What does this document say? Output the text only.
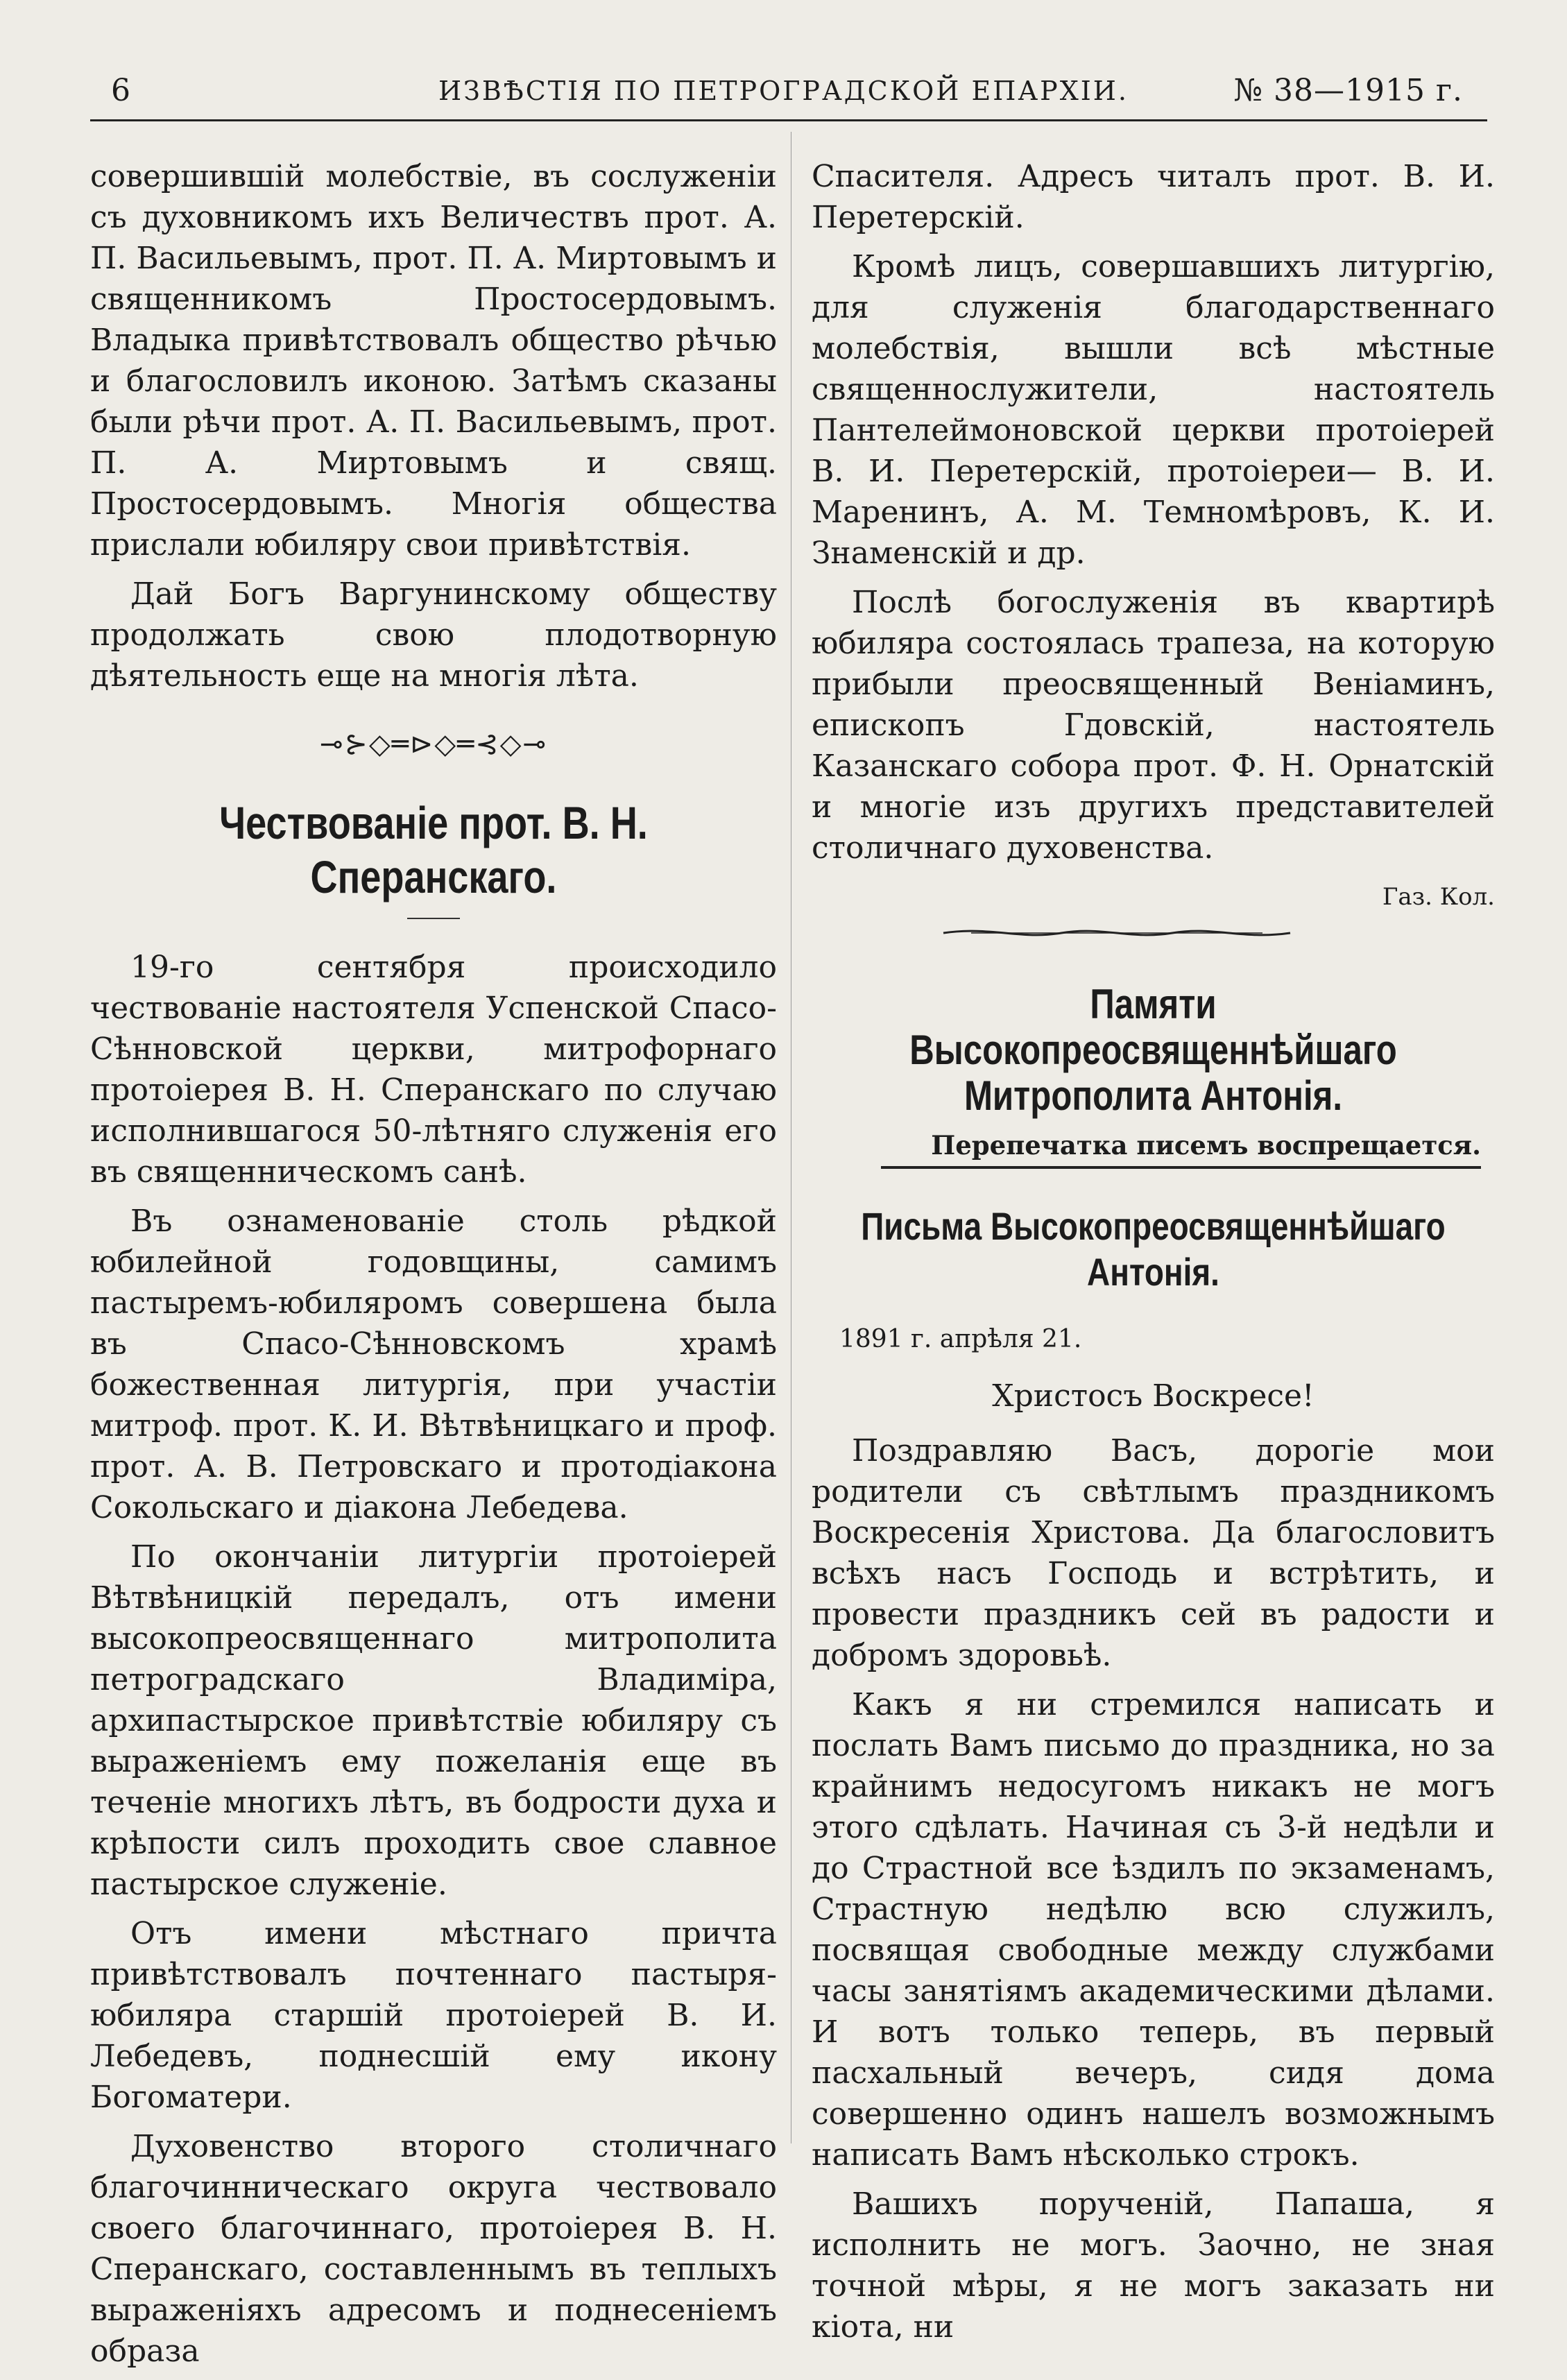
6	ИЗВѢСТІЯ ПО ПЕТРОГРАДСКОЙ ЕПАРХІИ.	№ 38—1915 г.

совершившій молебствіе, въ сослуженіи съ духовникомъ ихъ Величествъ прот. А. П. Васильевымъ, прот. П. А. Миртовымъ и священникомъ Простосердовымъ. Владыка привѣтствовалъ общество рѣчью и благословилъ иконою. Затѣмъ сказаны были рѣчи прот. А. П. Васильевымъ, прот. П. А. Миртовымъ и свящ. Простосердовымъ. Многія общества прислали юбиляру свои привѣтствія.

Дай Богъ Варгунинскому обществу продолжать свою плодотворную дѣятельность еще на многія лѣта.

⊸⊱◇═⊳◇═⊰◇⊸
Чествованіе прот. В. Н. Сперанскаго.

19-го сентября происходило чествованіе настоятеля Успенской Спасо-Сѣнновской церкви, митрофорнаго протоіерея В. Н. Сперанскаго по случаю исполнившагося 50-лѣтняго служенія его въ священническомъ санѣ.

Въ ознаменованіе столь рѣдкой юбилейной годовщины, самимъ пастыремъ-юбиляромъ совершена была въ Спасо-Сѣнновскомъ храмѣ божественная литургія, при участіи митроф. прот. К. И. Вѣтвѣницкаго и проф. прот. А. В. Петровскаго и протодіакона Сокольскаго и діакона Лебедева.

По окончаніи литургіи протоіерей Вѣтвѣницкій передалъ, отъ имени высокопреосвященнаго митрополита петроградскаго Владиміра, архипастырское привѣтствіе юбиляру съ выраженіемъ ему пожеланія еще въ теченіе многихъ лѣтъ, въ бодрости духа и крѣпости силъ проходить свое славное пастырское служеніе.

Отъ имени мѣстнаго причта привѣтствовалъ почтеннаго пастыря-юбиляра старшій протоіерей В. И. Лебедевъ, поднесшій ему икону Богоматери.

Духовенство второго столичнаго благочинническаго округа чествовало своего благочиннаго, протоіерея В. Н. Сперанскаго, составленнымъ въ теплыхъ выраженіяхъ адресомъ и поднесеніемъ образа

Спасителя. Адресъ читалъ прот. В. И. Перетерскій.

Кромѣ лицъ, совершавшихъ литургію, для служенія благодарственнаго молебствія, вышли всѣ мѣстные священнослужители, настоятель Пантелеймоновской церкви протоіерей В. И. Перетерскій, протоіереи— В. И. Маренинъ, А. М. Темномѣровъ, К. И. Знаменскій и др.

Послѣ богослуженія въ квартирѣ юбиляра состоялась трапеза, на которую прибыли преосвященный Веніаминъ, епископъ Гдовскій, настоятель Казанскаго собора прот. Ф. Н. Орнатскій и многіе изъ другихъ представителей столичнаго духовенства.

Газ. Кол.
Памяти Высокопреосвященнѣйшаго Митрополита Антонія.
Перепечатка писемъ воспрещается.
Письма Высокопреосвященнѣйшаго Антонія.
1891 г. апрѣля 21.
Христосъ Воскресе!

Поздравляю Васъ, дорогіе мои родители съ свѣтлымъ праздникомъ Воскресенія Христова. Да благословитъ всѣхъ насъ Господь и встрѣтить, и провести праздникъ сей въ радости и добромъ здоровьѣ.

Какъ я ни стремился написать и послать Вамъ письмо до праздника, но за крайнимъ недосугомъ никакъ не могъ этого сдѣлать. Начиная съ 3-й недѣли и до Страстной все ѣздилъ по экзаменамъ, Страстную недѣлю всю служилъ, посвящая свободные между службами часы занятіямъ академическими дѣлами. И вотъ только теперь, въ первый пасхальный вечеръ, сидя дома совершенно одинъ нашелъ возможнымъ написать Вамъ нѣсколько строкъ.

Вашихъ порученій, Папаша, я исполнить не могъ. Заочно, не зная точной мѣры, я не могъ заказать ни кіота, ни
